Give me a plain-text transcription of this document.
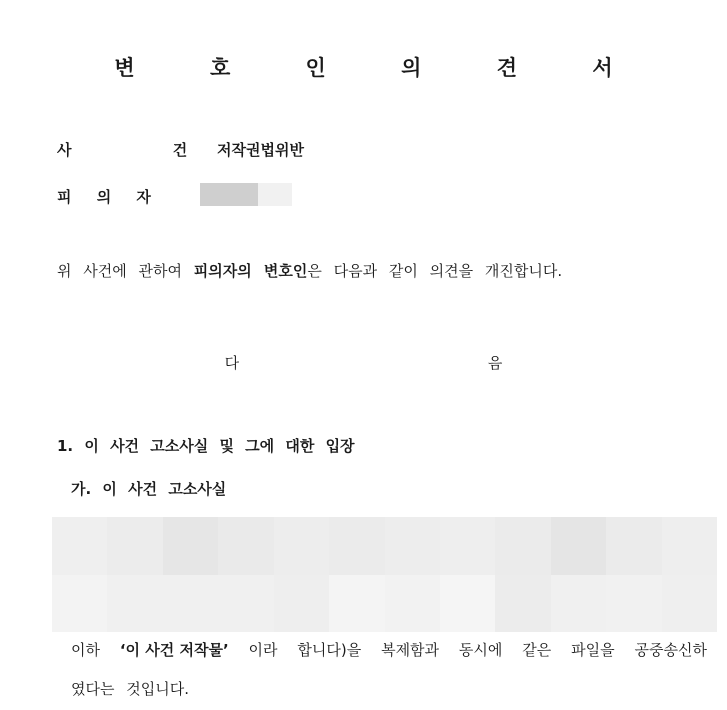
변 호 인 의 견 서
사 건
저작권법위반
피 의 자
위 사건에 관하여 피의자의 변호인은 다음과 같이 의견을 개진합니다.
다 음
1. 이 사건 고소사실 및 그에 대한 입장
가. 이 사건 고소사실
이하 ‘이 사건 저작물’ 이라 합니다)을 복제함과 동시에 같은 파일을 공중송신하
였다는 것입니다.
